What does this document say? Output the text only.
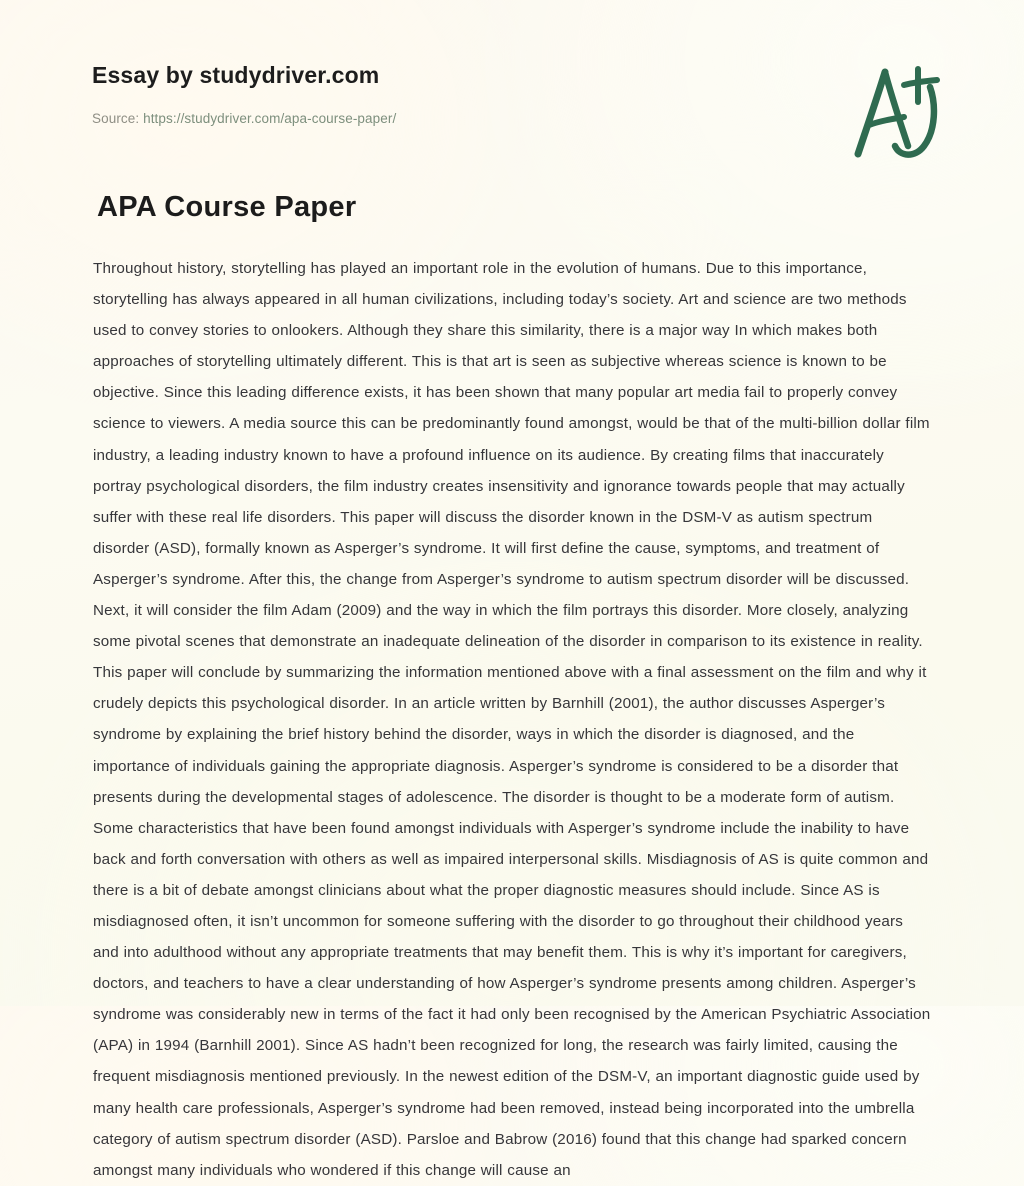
Essay by studydriver.com
Source: https://studydriver.com/apa-course-paper/
APA Course Paper

Throughout history, storytelling has played an important role in the evolution of humans. Due to this importance, storytelling has always appeared in all human civilizations, including today’s society. Art and science are two methods used to convey stories to onlookers. Although they share this similarity, there is a major way In which makes both approaches of storytelling ultimately different. This is that art is seen as subjective whereas science is known to be objective. Since this leading difference exists, it has been shown that many popular art media fail to properly convey science to viewers. A media source this can be predominantly found amongst, would be that of the multi-billion dollar film industry, a leading industry known to have a profound influence on its audience. By creating films that inaccurately portray psychological disorders, the film industry creates insensitivity and ignorance towards people that may actually suffer with these real life disorders. This paper will discuss the disorder known in the DSM-V as autism spectrum disorder (ASD), formally known as Asperger’s syndrome. It will first define the cause, symptoms, and treatment of Asperger’s syndrome. After this, the change from Asperger’s syndrome to autism spectrum disorder will be discussed. Next, it will consider the film Adam (2009) and the way in which the film portrays this disorder. More closely, analyzing some pivotal scenes that demonstrate an inadequate delineation of the disorder in comparison to its existence in reality. This paper will conclude by summarizing the information mentioned above with a final assessment on the film and why it crudely depicts this psychological disorder. In an article written by Barnhill (2001), the author discusses Asperger’s syndrome by explaining the brief history behind the disorder, ways in which the disorder is diagnosed, and the importance of individuals gaining the appropriate diagnosis. Asperger’s syndrome is considered to be a disorder that presents during the developmental stages of adolescence. The disorder is thought to be a moderate form of autism. Some characteristics that have been found amongst individuals with Asperger’s syndrome include the inability to have back and forth conversation with others as well as impaired interpersonal skills. Misdiagnosis of AS is quite common and there is a bit of debate amongst clinicians about what the proper diagnostic measures should include. Since AS is misdiagnosed often, it isn’t uncommon for someone suffering with the disorder to go throughout their childhood years and into adulthood without any appropriate treatments that may benefit them. This is why it’s important for caregivers, doctors, and teachers to have a clear understanding of how Asperger’s syndrome presents among children. Asperger’s syndrome was considerably new in terms of the fact it had only been recognised by the American Psychiatric Association (APA) in 1994 (Barnhill 2001). Since AS hadn’t been recognized for long, the research was fairly limited, causing the frequent misdiagnosis mentioned previously. In the newest edition of the DSM-V, an important diagnostic guide used by many health care professionals, Asperger’s syndrome had been removed, instead being incorporated into the umbrella category of autism spectrum disorder (ASD). Parsloe and Babrow (2016) found that this change had sparked concern amongst many individuals who wondered if this change will cause an
